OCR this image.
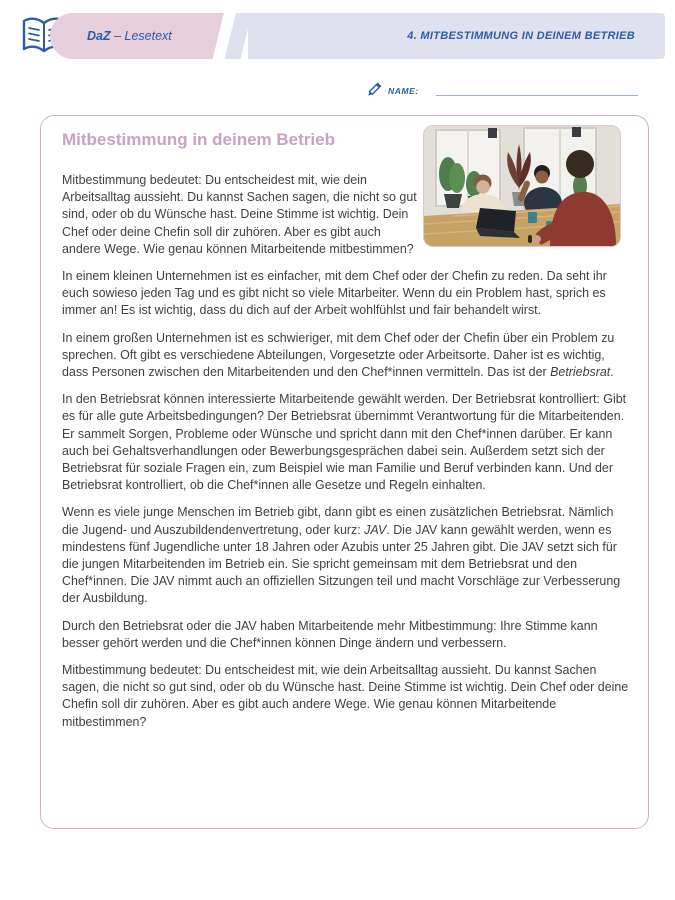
DaZ – Lesetext	4. MITBESTIMMUNG IN DEINEM BETRIEB
NAME:
Mitbestimmung in deinem Betrieb

Mitbestimmung bedeutet: Du entscheidest mit, wie dein Arbeitsalltag aussieht. Du kannst Sachen sagen, die nicht so gut sind, oder ob du Wünsche hast. Deine Stimme ist wichtig. Dein Chef oder deine Chefin soll dir zuhören. Aber es gibt auch andere Wege. Wie genau können Mitarbeitende mitbestimmen?

In einem kleinen Unternehmen ist es einfacher, mit dem Chef oder der Chefin zu reden. Da seht ihr euch sowieso jeden Tag und es gibt nicht so viele Mitarbeiter. Wenn du ein Problem hast, sprich es immer an! Es ist wichtig, dass du dich auf der Arbeit wohlfühlst und fair behandelt wirst.

In einem großen Unternehmen ist es schwieriger, mit dem Chef oder der Chefin über ein Problem zu sprechen. Oft gibt es verschiedene Abteilungen, Vorgesetzte oder Arbeitsorte. Daher ist es wichtig, dass Personen zwischen den Mitarbeitenden und den Chef*innen vermitteln. Das ist der Betriebsrat.

In den Betriebsrat können interessierte Mitarbeitende gewählt werden. Der Betriebsrat kontrolliert: Gibt es für alle gute Arbeitsbedingungen? Der Betriebsrat übernimmt Verantwortung für die Mitarbeitenden. Er sammelt Sorgen, Probleme oder Wünsche und spricht dann mit den Chef*innen darüber. Er kann auch bei Gehaltsverhandlungen oder Bewerbungsgesprächen dabei sein. Außerdem setzt sich der Betriebsrat für soziale Fragen ein, zum Beispiel wie man Familie und Beruf verbinden kann. Und der Betriebsrat kontrolliert, ob die Chef*innen alle Gesetze und Regeln einhalten.

Wenn es viele junge Menschen im Betrieb gibt, dann gibt es einen zusätzlichen Betriebsrat. Nämlich die Jugend- und Auszubildendenvertretung, oder kurz: JAV. Die JAV kann gewählt werden, wenn es mindestens fünf Jugendliche unter 18 Jahren oder Azubis unter 25 Jahren gibt. Die JAV setzt sich für die jungen Mitarbeitenden im Betrieb ein. Sie spricht gemeinsam mit dem Betriebsrat und den Chef*innen. Die JAV nimmt auch an offiziellen Sitzungen teil und macht Vorschläge zur Verbesserung der Ausbildung.

Durch den Betriebsrat oder die JAV haben Mitarbeitende mehr Mitbestimmung: Ihre Stimme kann besser gehört werden und die Chef*innen können Dinge ändern und verbessern.

Mitbestimmung bedeutet: Du entscheidest mit, wie dein Arbeitsalltag aussieht. Du kannst Sachen sagen, die nicht so gut sind, oder ob du Wünsche hast. Deine Stimme ist wichtig. Dein Chef oder deine Chefin soll dir zuhören. Aber es gibt auch andere Wege. Wie genau können Mitarbeitende mitbestimmen?
